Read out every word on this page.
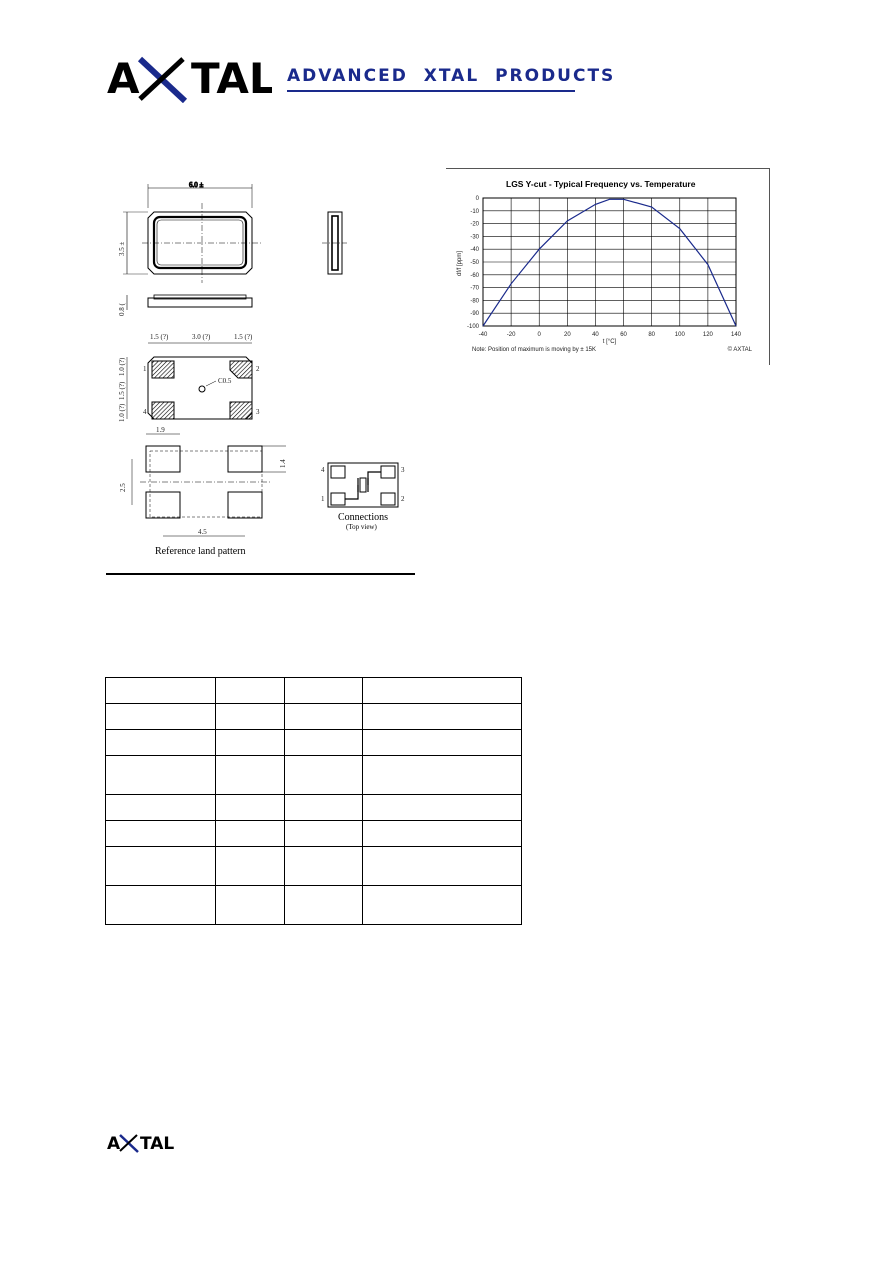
A TAL ADVANCED XTAL PRODUCTS
6.0 ±
3.5 ±
0.8 (
1.5 (?)	3.0 (?)	1.5 (?)
C0.5
1.0 (?)
1.5 (?)
1.0 (?)
1
4
2
3
1.9
1.4
2.5
4.5
Reference land pattern
4
1
3
2
Connections
(Top view)
LGS Y-cut - Typical Frequency vs. Temperature
-40	-20	0	20	40	60	80	100	120	140
0
-10
-20
-30
-40
-50
-60
-70
-80
-90
-100
t [°C]
df/f [ppm]
Note: Position of maximum is moving by ± 15K	© AXTAL

A TAL
